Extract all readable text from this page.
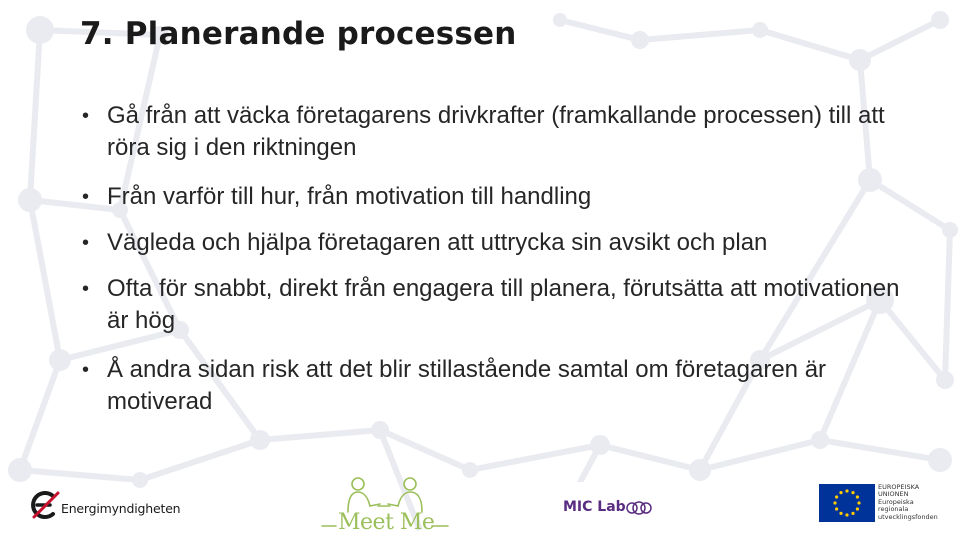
7. Planerande processen
• Gå från att väcka företagarens drivkrafter (framkallande processen) till att röra sig i den riktningen
• Från varför till hur, från motivation till handling
• Vägleda och hjälpa företagaren att uttrycka sin avsikt och plan
• Ofta för snabbt, direkt från engagera till planera, förutsätta att motivationen är hög
• Å andra sidan risk att det blir stillastående samtal om företagaren är motiverad
Energimyndigheten
Meet Me
MIC Lab
EUROPEISKA
UNIONEN
Europeiska
regionala
utvecklingsfonden
